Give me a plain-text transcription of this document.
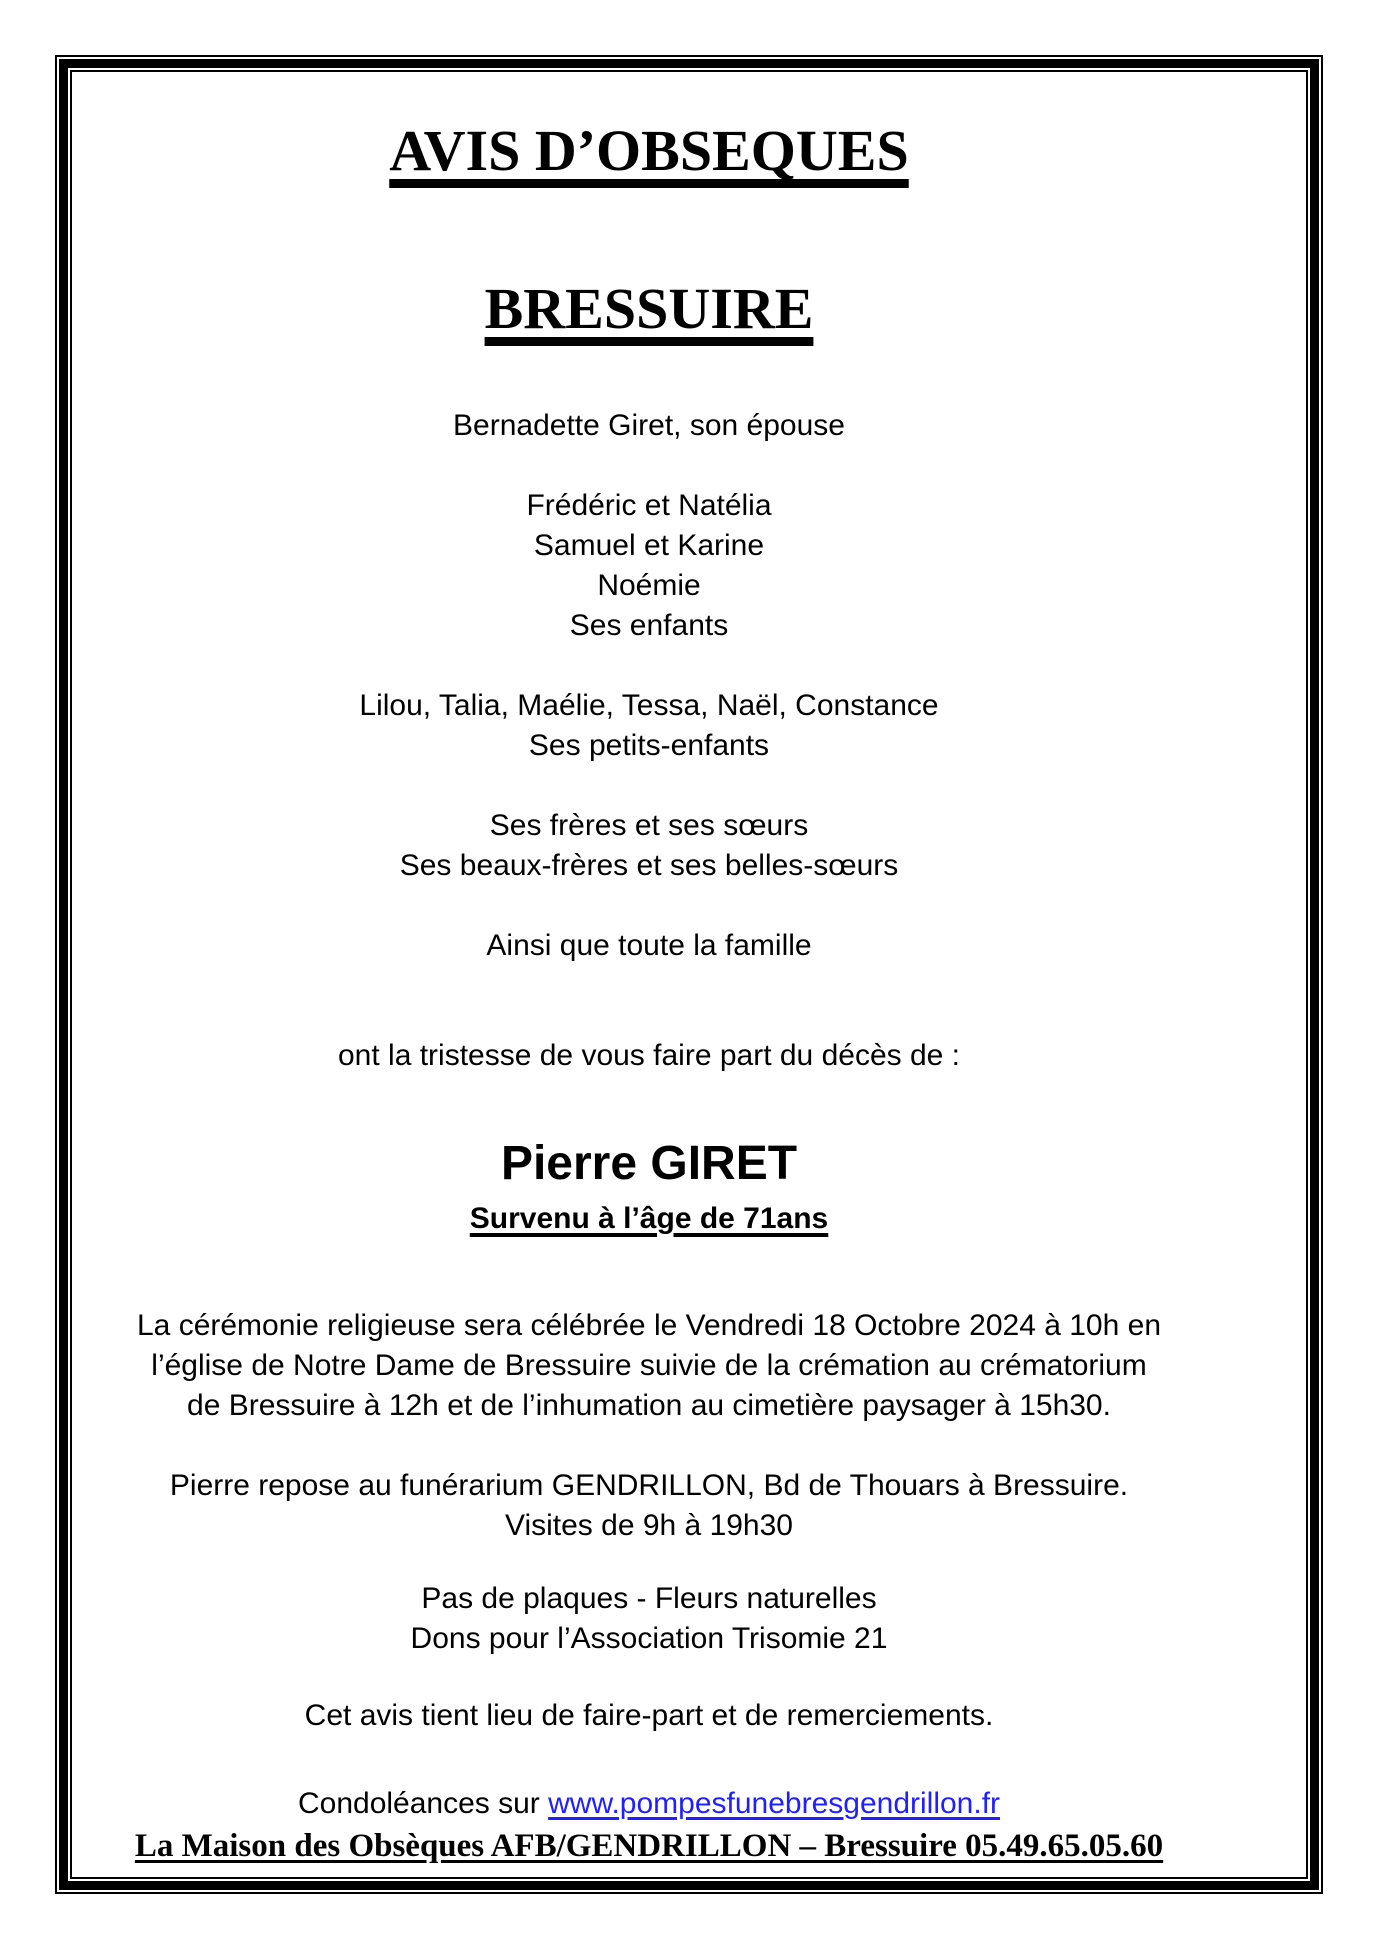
AVIS D’OBSEQUES
BRESSUIRE
Bernadette Giret, son épouse
Frédéric et Natélia
Samuel et Karine
Noémie
Ses enfants
Lilou, Talia, Maélie, Tessa, Naël, Constance
Ses petits-enfants
Ses frères et ses sœurs
Ses beaux-frères et ses belles-sœurs
Ainsi que toute la famille
ont la tristesse de vous faire part du décès de :
Pierre GIRET
Survenu à l’âge de 71ans
La cérémonie religieuse sera célébrée le Vendredi 18 Octobre 2024 à 10h en
l’église de Notre Dame de Bressuire suivie de la crémation au crématorium
de Bressuire à 12h et de l’inhumation au cimetière paysager à 15h30.
Pierre repose au funérarium GENDRILLON, Bd de Thouars à Bressuire.
Visites de 9h à 19h30
Pas de plaques - Fleurs naturelles
Dons pour l’Association Trisomie 21
Cet avis tient lieu de faire-part et de remerciements.
Condoléances sur www.pompesfunebresgendrillon.fr
La Maison des Obsèques AFB/GENDRILLON – Bressuire 05.49.65.05.60
